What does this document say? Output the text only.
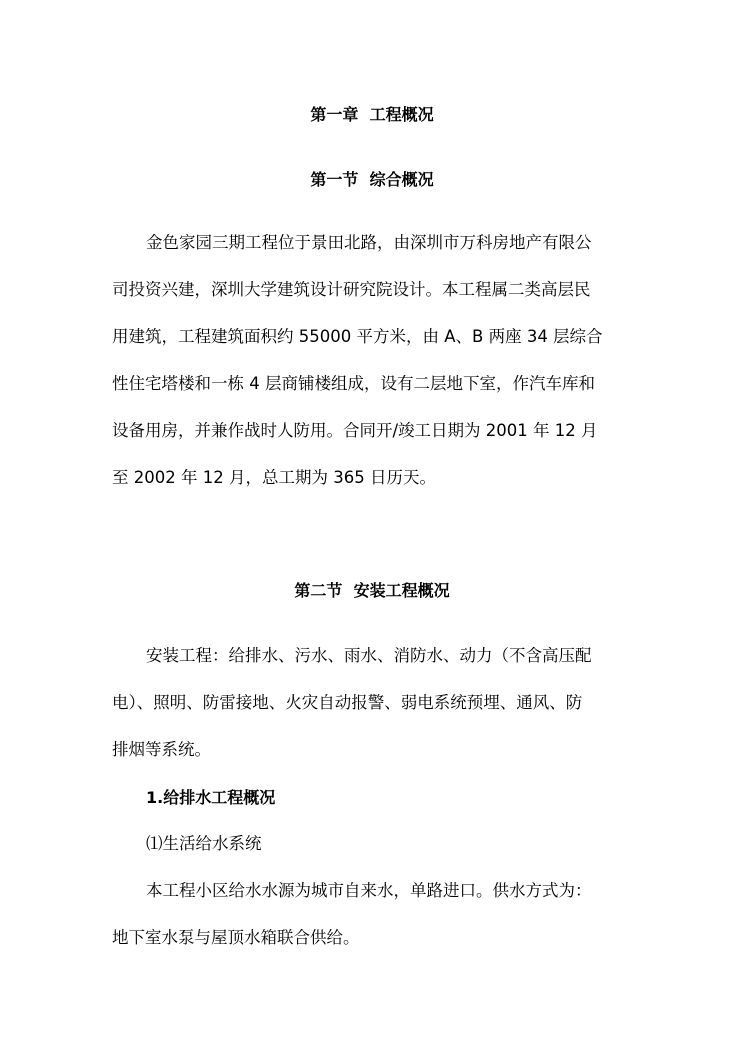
第一章  工程概况
第一节  综合概况
金色家园三期工程位于景田北路，由深圳市万科房地产有限公
司投资兴建，深圳大学建筑设计研究院设计。本工程属二类高层民
用建筑，工程建筑面积约 55000 平方米，由 A、B 两座 34 层综合
性住宅塔楼和一栋 4 层商铺楼组成，设有二层地下室，作汽车库和
设备用房，并兼作战时人防用。合同开/竣工日期为 2001 年 12 月
至 2002 年 12 月，总工期为 365 日历天。
第二节  安装工程概况
安装工程：给排水、污水、雨水、消防水、动力（不含高压配
电）、照明、防雷接地、火灾自动报警、弱电系统预埋、通风、防
排烟等系统。
1.给排水工程概况
⑴生活给水系统
本工程小区给水水源为城市自来水，单路进口。供水方式为：
地下室水泵与屋顶水箱联合供给。
